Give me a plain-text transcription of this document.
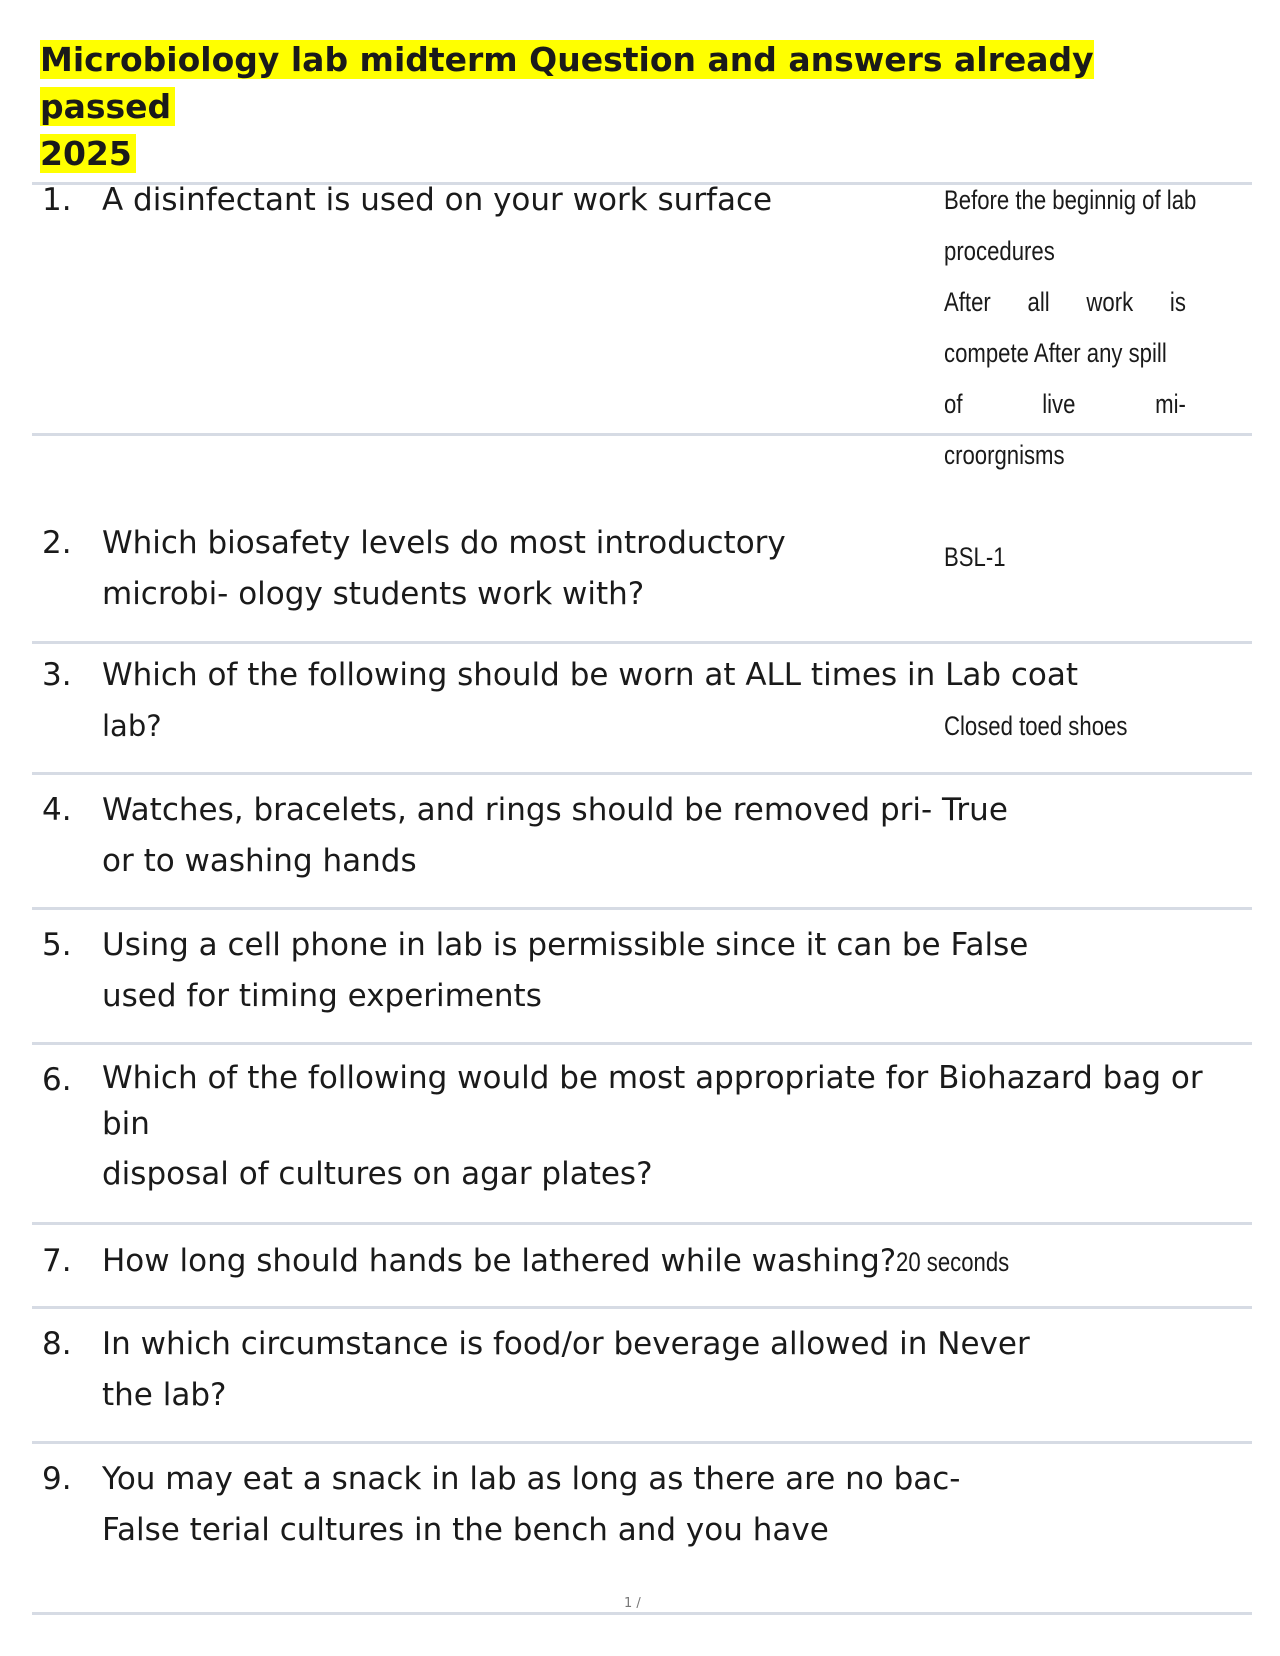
Microbiology lab midterm Question and answers already passed
2025
1. A disinfectant is used on your work surface	Before the beginnig of lab
procedures
After all work is
compete After any spill
of live mi-
croorgnisms
2. Which biosafety levels do most introductory
microbi- ology students work with?
BSL-1
3. Which of the following should be worn at ALL times in Lab coat
lab?	Closed toed shoes
4. Watches, bracelets, and rings should be removed pri- True
or to washing hands
5. Using a cell phone in lab is permissible since it can be False
used for timing experiments
6. Which of the following would be most appropriate for Biohazard bag or
bin
disposal of cultures on agar plates?
7. How long should hands be lathered while washing?20 seconds
8. In which circumstance is food/or beverage allowed in Never
the lab?
9. You may eat a snack in lab as long as there are no bac-
False terial cultures in the bench and you have
1 /
